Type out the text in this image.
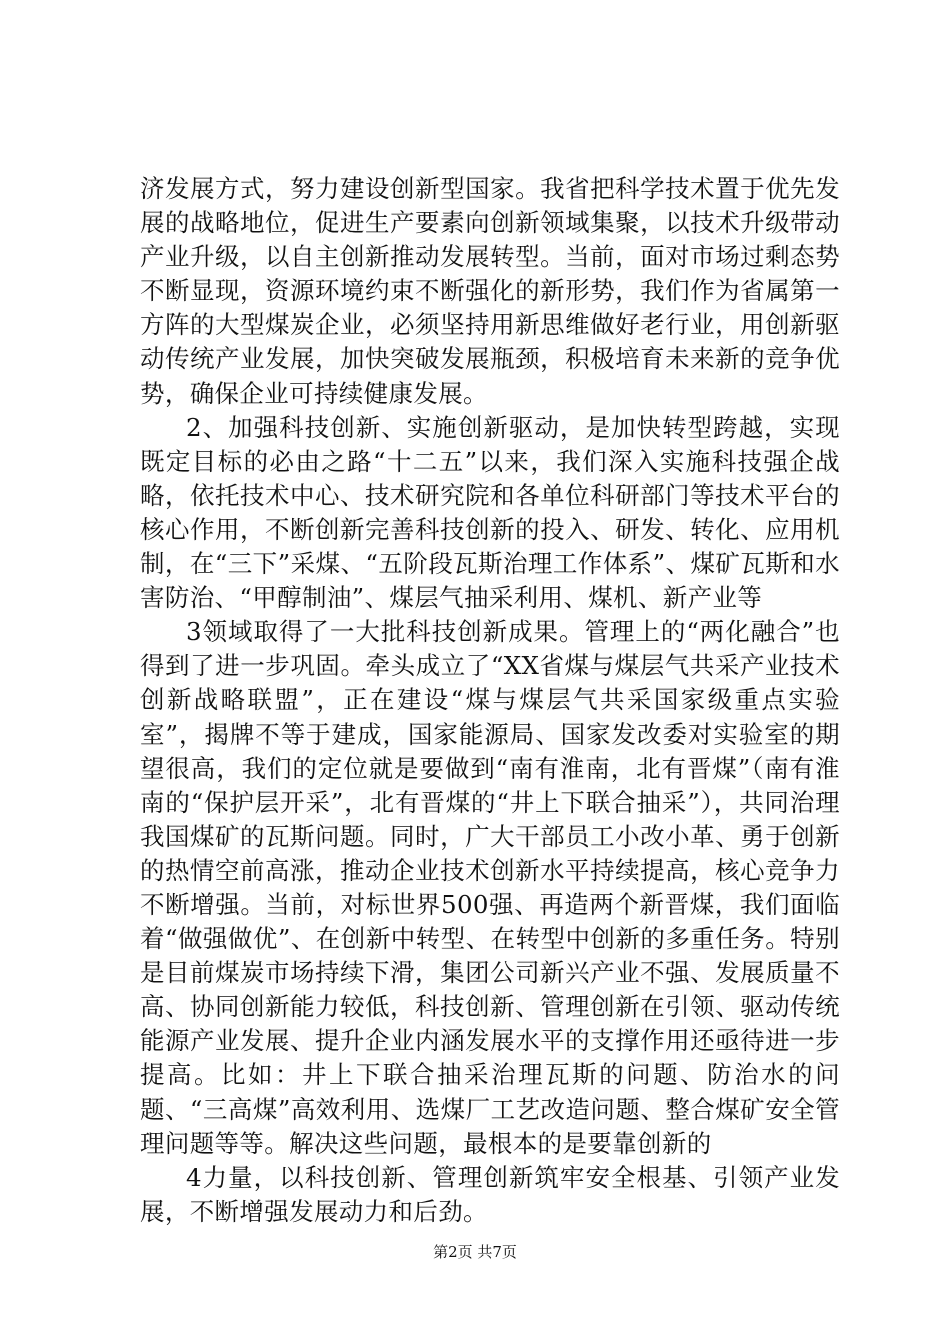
济发展方式，努力建设创新型国家。我省把科学技术置于优先发展的战略地位，促进生产要素向创新领域集聚，以技术升级带动产业升级，以自主创新推动发展转型。当前，面对市场过剩态势不断显现，资源环境约束不断强化的新形势，我们作为省属第一方阵的大型煤炭企业，必须坚持用新思维做好老行业，用创新驱动传统产业发展，加快突破发展瓶颈，积极培育未来新的竞争优势，确保企业可持续健康发展。

2、加强科技创新、实施创新驱动，是加快转型跨越，实现既定目标的必由之路“十二五”以来，我们深入实施科技强企战略，依托技术中心、技术研究院和各单位科研部门等技术平台的核心作用，不断创新完善科技创新的投入、研发、转化、应用机制，在“三下”采煤、“五阶段瓦斯治理工作体系”、煤矿瓦斯和水害防治、“甲醇制油”、煤层气抽采利用、煤机、新产业等

3领域取得了一大批科技创新成果。管理上的“两化融合”也得到了进一步巩固。牵头成立了“XX省煤与煤层气共采产业技术创新战略联盟”，正在建设“煤与煤层气共采国家级重点实验室”，揭牌不等于建成，国家能源局、国家发改委对实验室的期望很高，我们的定位就是要做到“南有淮南，北有晋煤”（南有淮南的“保护层开采”，北有晋煤的“井上下联合抽采”），共同治理我国煤矿的瓦斯问题。同时，广大干部员工小改小革、勇于创新的热情空前高涨，推动企业技术创新水平持续提高，核心竞争力不断增强。当前，对标世界500强、再造两个新晋煤，我们面临着“做强做优”、在创新中转型、在转型中创新的多重任务。特别是目前煤炭市场持续下滑，集团公司新兴产业不强、发展质量不高、协同创新能力较低，科技创新、管理创新在引领、驱动传统能源产业发展、提升企业内涵发展水平的支撑作用还亟待进一步提高。比如：井上下联合抽采治理瓦斯的问题、防治水的问题、“三高煤”高效利用、选煤厂工艺改造问题、整合煤矿安全管理问题等等。解决这些问题，最根本的是要靠创新的

4力量，以科技创新、管理创新筑牢安全根基、引领产业发展，不断增强发展动力和后劲。

第2页 共7页
